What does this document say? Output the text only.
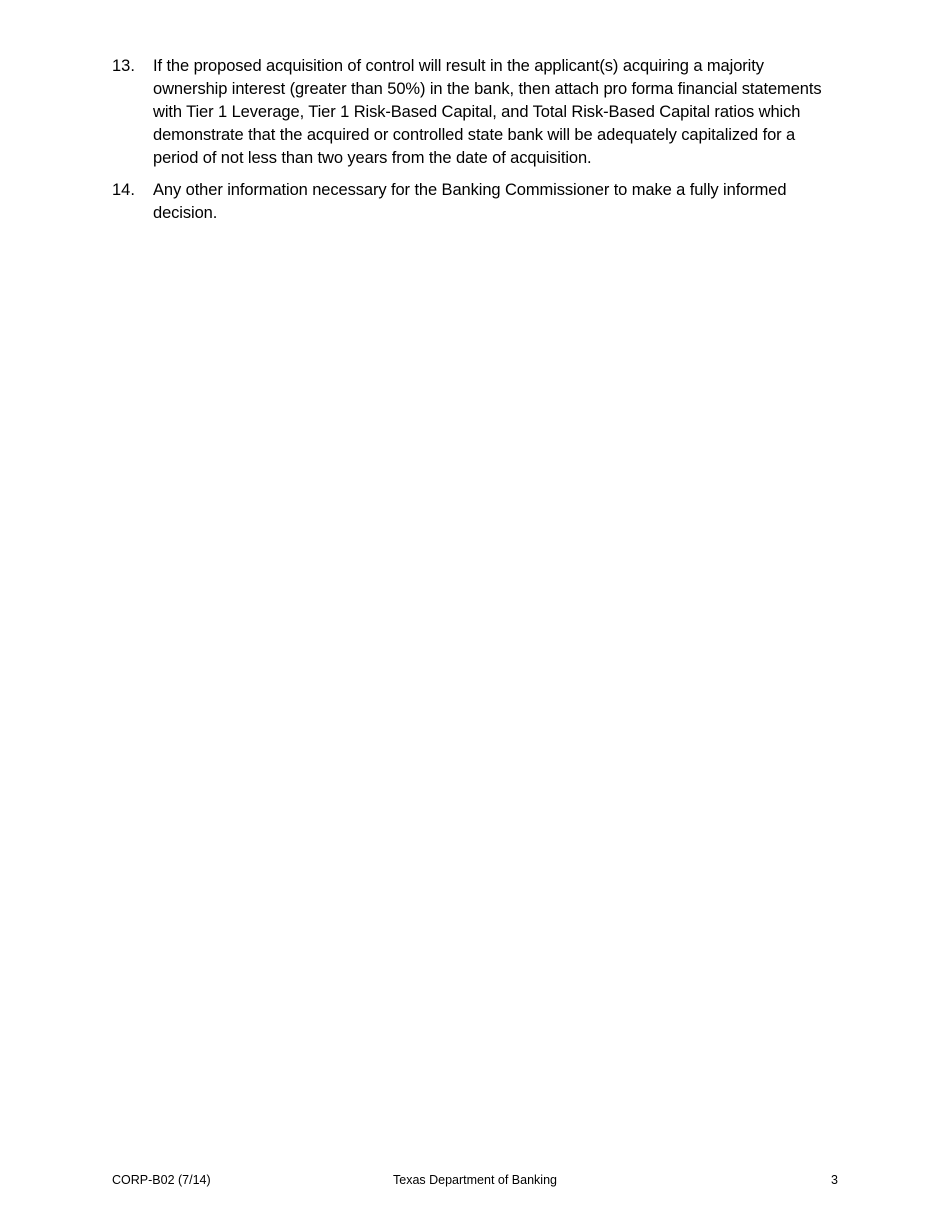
13.	If the proposed acquisition of control will result in the applicant(s) acquiring a majority ownership interest (greater than 50%) in the bank, then attach pro forma financial statements with Tier 1 Leverage, Tier 1 Risk-Based Capital, and Total Risk-Based Capital ratios which demonstrate that the acquired or controlled state bank will be adequately capitalized for a period of not less than two years from the date of acquisition.
14.	Any other information necessary for the Banking Commissioner to make a fully informed decision.
CORP-B02 (7/14)	Texas Department of Banking	3
